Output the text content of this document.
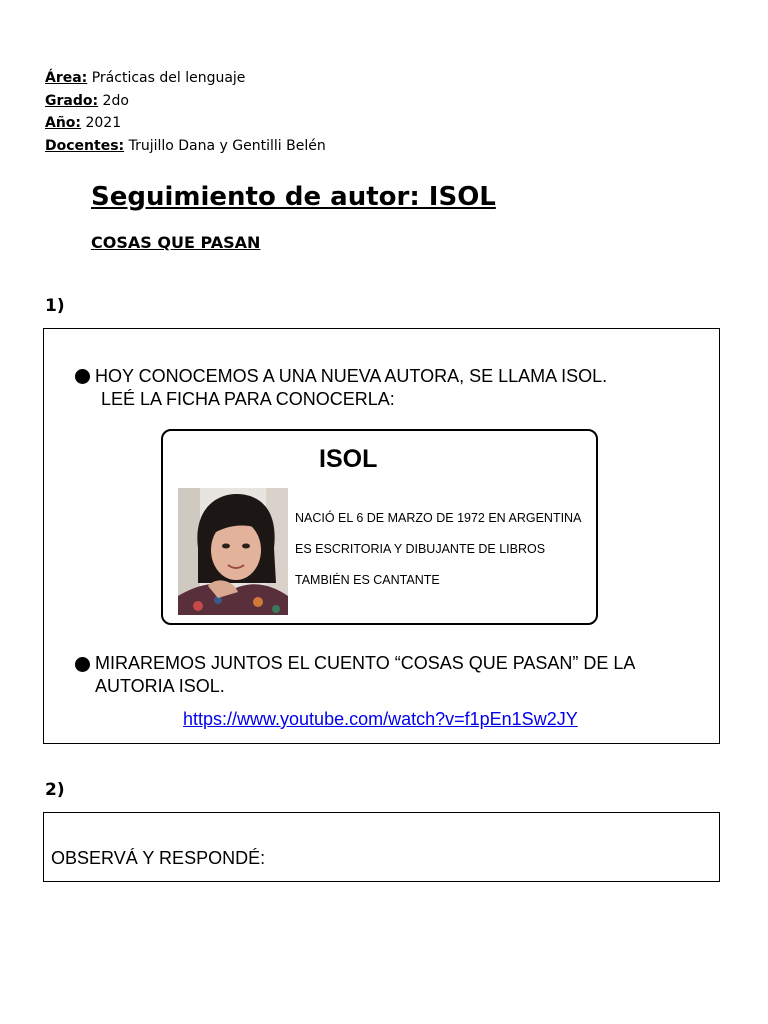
Área: Prácticas del lenguaje
Grado: 2do
Año: 2021
Docentes: Trujillo Dana y Gentilli Belén
Seguimiento de autor: ISOL
COSAS QUE PASAN
1)
HOY CONOCEMOS A UNA NUEVA AUTORA, SE LLAMA ISOL.
LEÉ LA FICHA PARA CONOCERLA:
MIRAREMOS JUNTOS EL CUENTO “COSAS QUE PASAN” DE LA
AUTORIA ISOL.
ISOL
NACIÓ EL 6 DE MARZO DE 1972 EN ARGENTINA
ES ESCRITORIA Y DIBUJANTE DE LIBROS
TAMBIÉN ES CANTANTE
https://www.youtube.com/watch?v=f1pEn1Sw2JY
2)
OBSERVÁ Y RESPONDÉ:
